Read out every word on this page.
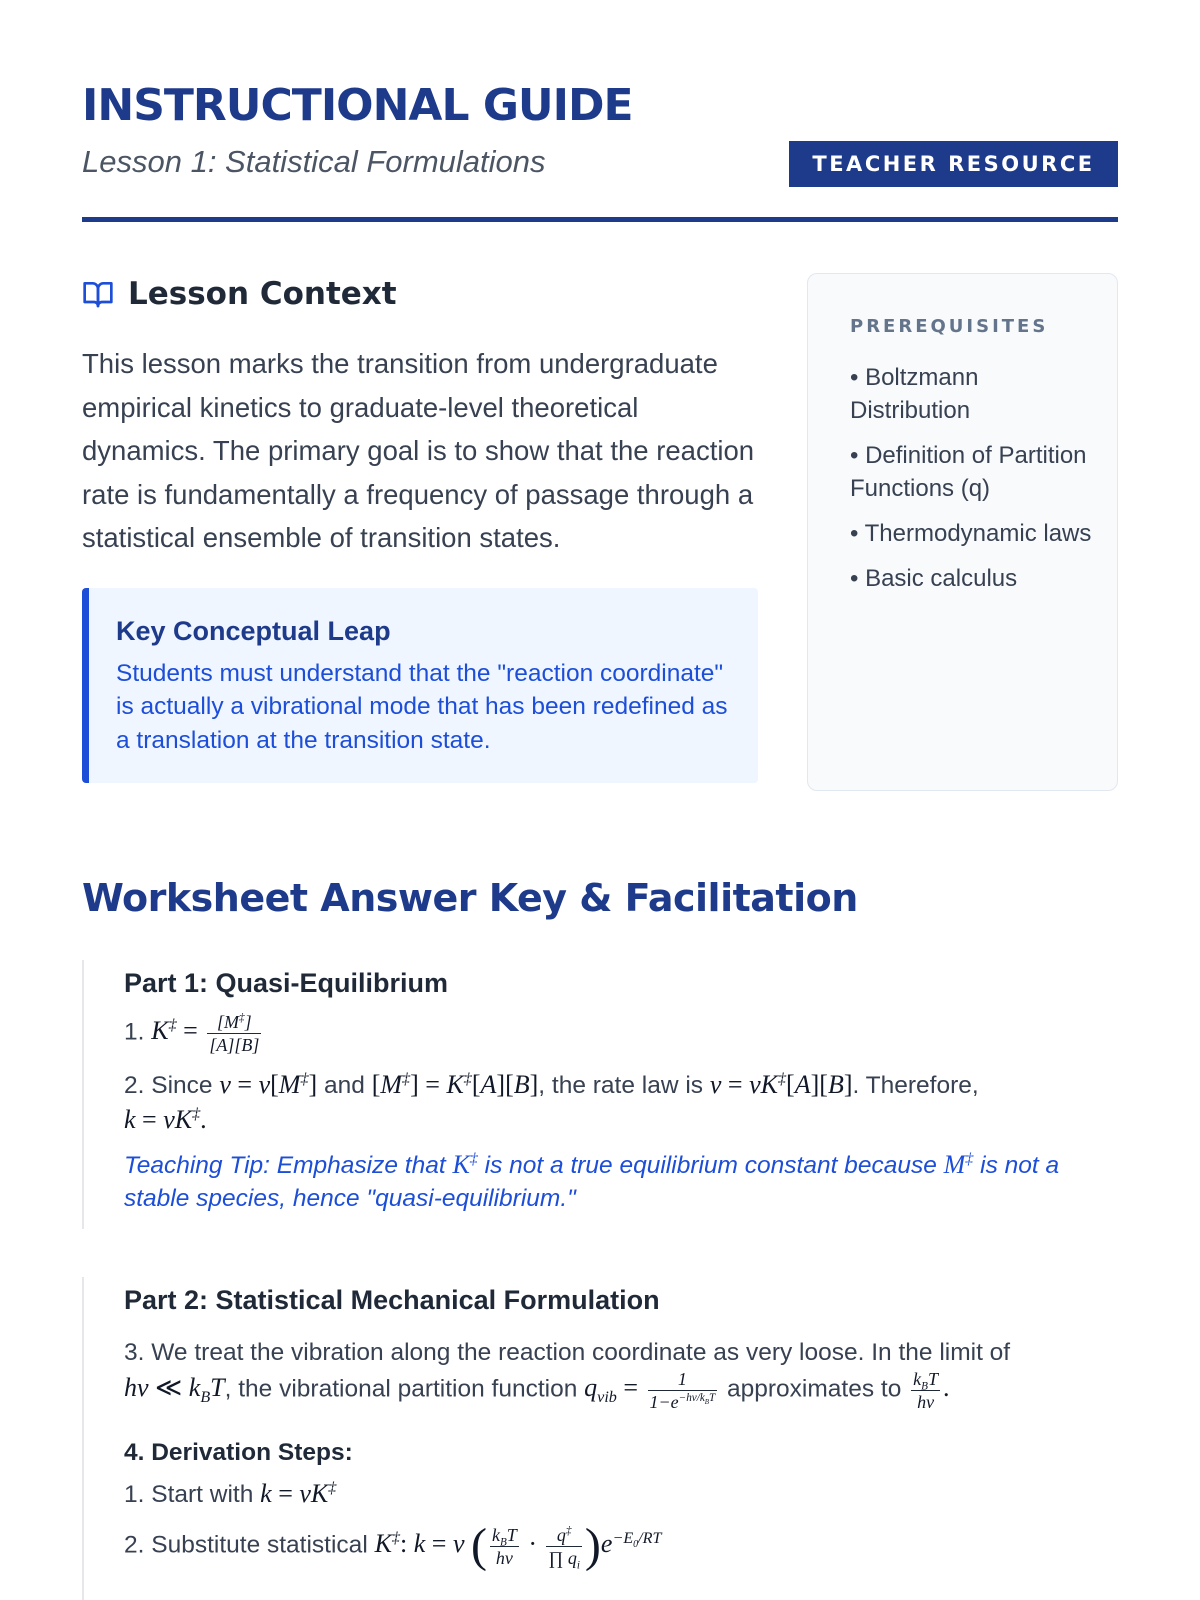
INSTRUCTIONAL GUIDE
Lesson 1: Statistical Formulations	TEACHER RESOURCE
Lesson Context

This lesson marks the transition from undergraduate empirical kinetics to graduate-level theoretical dynamics. The primary goal is to show that the reaction rate is fundamentally a frequency of passage through a statistical ensemble of transition states.

Key Conceptual Leap
Students must understand that the "reaction coordinate" is actually a vibrational mode that has been redefined as a translation at the transition state.
PREREQUISITES
• Boltzmann Distribution
• Definition of Partition Functions (q)
• Thermodynamic laws
• Basic calculus
Worksheet Answer Key & Facilitation
Part 1: Quasi-Equilibrium
1. $K^\ddagger = \frac{[M^\ddagger]}{[A][B]}$
2. Since v = ν[M‡] and [M‡] = K‡[A][B], the rate law is v = νK‡[A][B]. Therefore,
k = νK‡.
Teaching Tip: Emphasize that K‡ is not a true equilibrium constant because M‡ is not a stable species, hence "quasi-equilibrium."
Part 2: Statistical Mechanical Formulation
3. We treat the vibration along the reaction coordinate as very loose. In the limit of
hν ≪ $k_BT$, the vibrational partition function $q_{vib} = \frac{1}{1-e^{-h\nu/k_BT}}$ approximates to $\frac{k_BT}{h\nu}$ .
4. Derivation Steps:
1. Start with k = νK‡
2. Substitute statistical K‡: k = ν ( $\frac{k_BT}{h\nu} \cdot \frac{q^\ddagger}{\prod q_i} )e^{-E_0/RT}$
